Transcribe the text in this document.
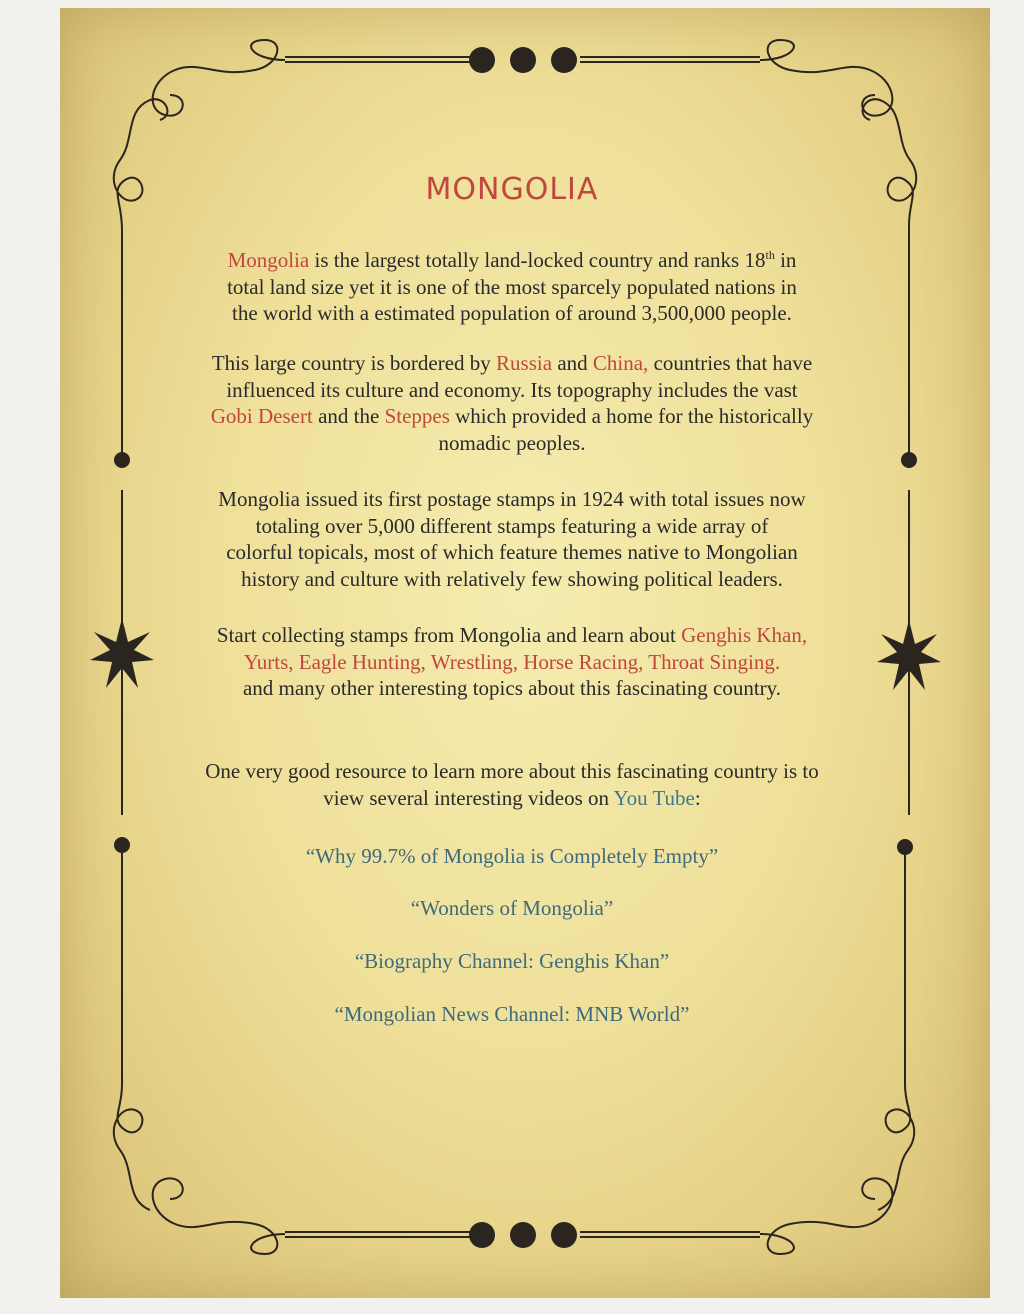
MONGOLIA
Mongolia is the largest totally land-locked country and ranks 18th in
total land size yet it is one of the most sparcely populated nations in
the world with a estimated population of around 3,500,000 people.
This large country is bordered by Russia and China, countries that have
influenced its culture and economy. Its topography includes the vast
Gobi Desert and the Steppes which provided a home for the historically
nomadic peoples.
Mongolia issued its first postage stamps in 1924 with total issues now
totaling over 5,000 different stamps featuring a wide array of
colorful topicals, most of which feature themes native to Mongolian
history and culture with relatively few showing political leaders.
Start collecting stamps from Mongolia and learn about Genghis Khan,
Yurts, Eagle Hunting, Wrestling, Horse Racing, Throat Singing.
and many other interesting topics about this fascinating country.
One very good resource to learn more about this fascinating country is to
view several interesting videos on You Tube:
“Why 99.7% of Mongolia is Completely Empty”
“Wonders of Mongolia”
“Biography Channel: Genghis Khan”
“Mongolian News Channel: MNB World”
